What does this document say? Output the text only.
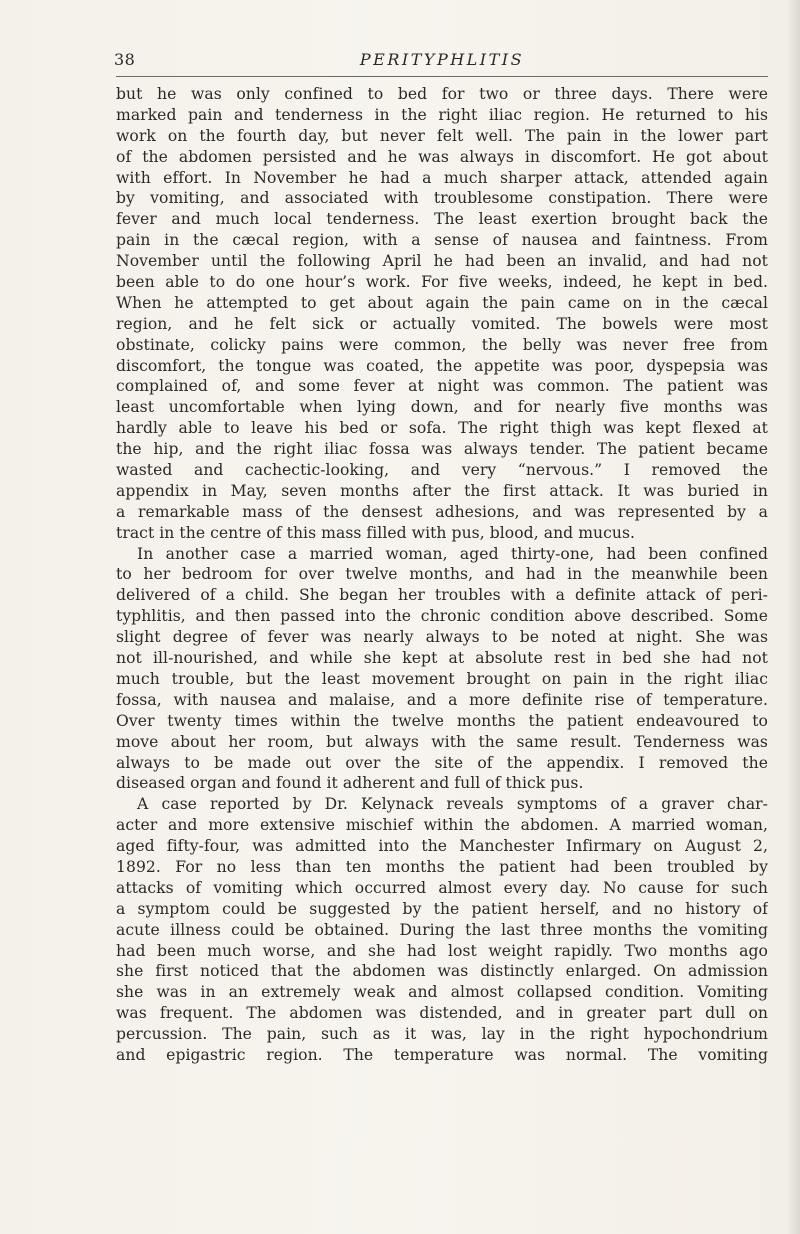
38	PERITYPHLITIS
but he was only confined to bed for two or three days. There were
marked pain and tenderness in the right iliac region. He returned to his
work on the fourth day, but never felt well. The pain in the lower part
of the abdomen persisted and he was always in discomfort. He got about
with effort. In November he had a much sharper attack, attended again
by vomiting, and associated with troublesome constipation. There were
fever and much local tenderness. The least exertion brought back the
pain in the cæcal region, with a sense of nausea and faintness. From
November until the following April he had been an invalid, and had not
been able to do one hour’s work. For five weeks, indeed, he kept in bed.
When he attempted to get about again the pain came on in the cæcal
region, and he felt sick or actually vomited. The bowels were most
obstinate, colicky pains were common, the belly was never free from
discomfort, the tongue was coated, the appetite was poor, dyspepsia was
complained of, and some fever at night was common. The patient was
least uncomfortable when lying down, and for nearly five months was
hardly able to leave his bed or sofa. The right thigh was kept flexed at
the hip, and the right iliac fossa was always tender. The patient became
wasted and cachectic-looking, and very “nervous.” I removed the
appendix in May, seven months after the first attack. It was buried in
a remarkable mass of the densest adhesions, and was represented by a
tract in the centre of this mass filled with pus, blood, and mucus.
In another case a married woman, aged thirty-one, had been confined
to her bedroom for over twelve months, and had in the meanwhile been
delivered of a child. She began her troubles with a definite attack of peri-
typhlitis, and then passed into the chronic condition above described. Some
slight degree of fever was nearly always to be noted at night. She was
not ill-nourished, and while she kept at absolute rest in bed she had not
much trouble, but the least movement brought on pain in the right iliac
fossa, with nausea and malaise, and a more definite rise of temperature.
Over twenty times within the twelve months the patient endeavoured to
move about her room, but always with the same result. Tenderness was
always to be made out over the site of the appendix. I removed the
diseased organ and found it adherent and full of thick pus.
A case reported by Dr. Kelynack reveals symptoms of a graver char-
acter and more extensive mischief within the abdomen. A married woman,
aged fifty-four, was admitted into the Manchester Infirmary on August 2,
1892. For no less than ten months the patient had been troubled by
attacks of vomiting which occurred almost every day. No cause for such
a symptom could be suggested by the patient herself, and no history of
acute illness could be obtained. During the last three months the vomiting
had been much worse, and she had lost weight rapidly. Two months ago
she first noticed that the abdomen was distinctly enlarged. On admission
she was in an extremely weak and almost collapsed condition. Vomiting
was frequent. The abdomen was distended, and in greater part dull on
percussion. The pain, such as it was, lay in the right hypochondrium
and epigastric region. The temperature was normal. The vomiting
